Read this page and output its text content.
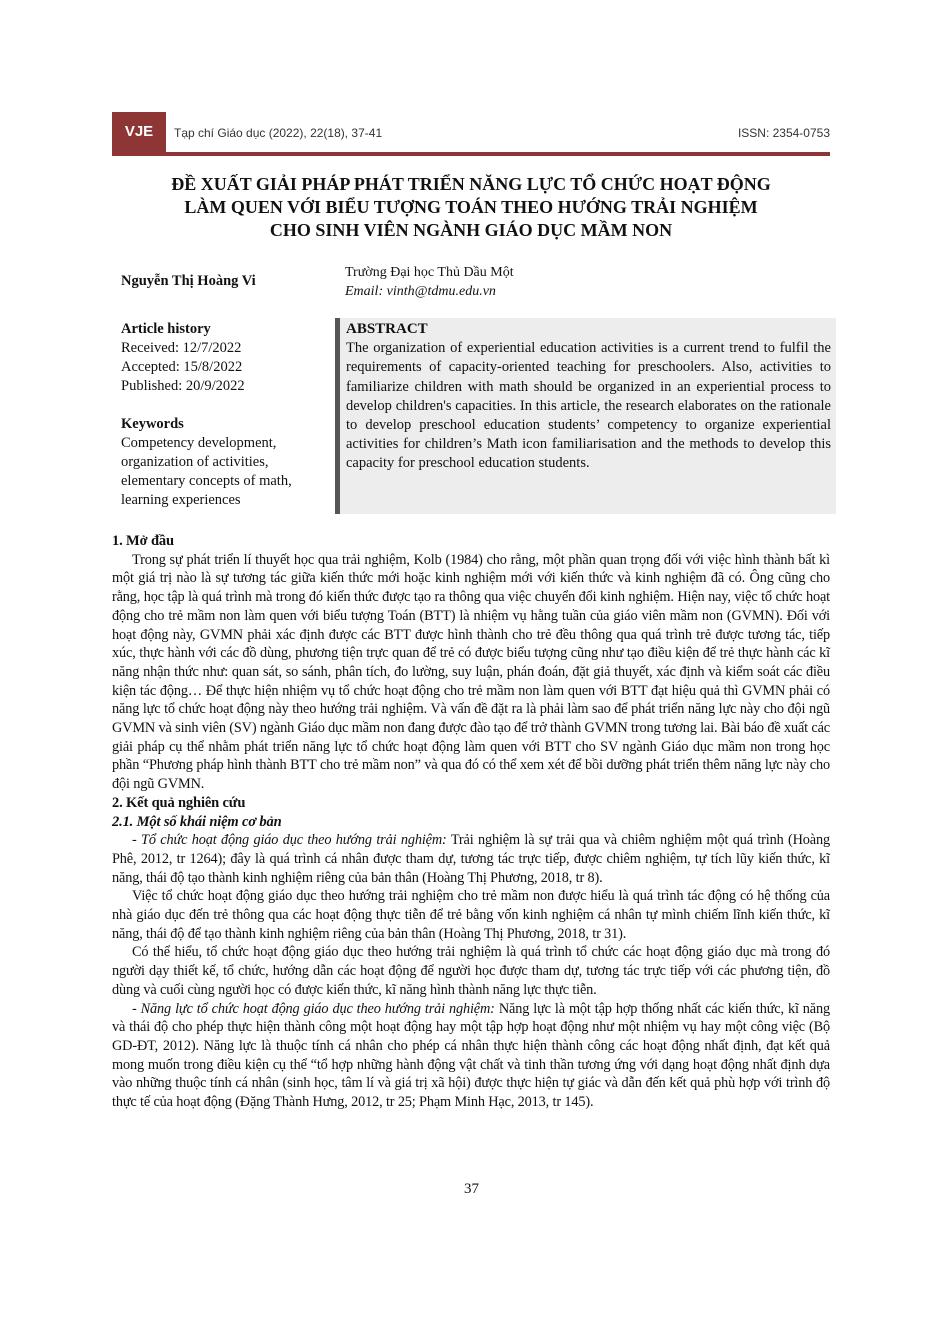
VJE	Tạp chí Giáo dục (2022), 22(18), 37-41	ISSN: 2354-0753
ĐỀ XUẤT GIẢI PHÁP PHÁT TRIỂN NĂNG LỰC TỔ CHỨC HOẠT ĐỘNG
LÀM QUEN VỚI BIỂU TƯỢNG TOÁN THEO HƯỚNG TRẢI NGHIỆM
CHO SINH VIÊN NGÀNH GIÁO DỤC MẦM NON
Nguyễn Thị Hoàng Vi
Trường Đại học Thủ Dầu Một
Email: vinth@tdmu.edu.vn
Article history
Received: 12/7/2022
Accepted: 15/8/2022
Published: 20/9/2022
Keywords
Competency development, organization of activities, elementary concepts of math, learning experiences
ABSTRACT
The organization of experiential education activities is a current trend to fulfil the requirements of capacity-oriented teaching for preschoolers. Also, activities to familiarize children with math should be organized in an experiential process to develop children's capacities. In this article, the research elaborates on the rationale to develop preschool education students’ competency to organize experiential activities for children’s Math icon familiarisation and the methods to develop this capacity for preschool education students.
1. Mở đầu

Trong sự phát triển lí thuyết học qua trải nghiệm, Kolb (1984) cho rằng, một phần quan trọng đối với việc hình thành bất kì một giá trị nào là sự tương tác giữa kiến thức mới hoặc kinh nghiệm mới với kiến thức và kinh nghiệm đã có. Ông cũng cho rằng, học tập là quá trình mà trong đó kiến thức được tạo ra thông qua việc chuyển đổi kinh nghiệm. Hiện nay, việc tổ chức hoạt động cho trẻ mầm non làm quen với biểu tượng Toán (BTT) là nhiệm vụ hằng tuần của giáo viên mầm non (GVMN). Đối với hoạt động này, GVMN phải xác định được các BTT được hình thành cho trẻ đều thông qua quá trình trẻ được tương tác, tiếp xúc, thực hành với các đồ dùng, phương tiện trực quan để trẻ có được biểu tượng cũng như tạo điều kiện để trẻ thực hành các kĩ năng nhận thức như: quan sát, so sánh, phân tích, đo lường, suy luận, phán đoán, đặt giả thuyết, xác định và kiểm soát các điều kiện tác động… Để thực hiện nhiệm vụ tổ chức hoạt động cho trẻ mầm non làm quen với BTT đạt hiệu quả thì GVMN phải có năng lực tổ chức hoạt động này theo hướng trải nghiệm. Và vấn đề đặt ra là phải làm sao để phát triển năng lực này cho đội ngũ GVMN và sinh viên (SV) ngành Giáo dục mầm non đang được đào tạo để trở thành GVMN trong tương lai. Bài báo đề xuất các giải pháp cụ thể nhằm phát triển năng lực tổ chức hoạt động làm quen với BTT cho SV ngành Giáo dục mầm non trong học phần “Phương pháp hình thành BTT cho trẻ mầm non” và qua đó có thể xem xét để bồi dưỡng phát triển thêm năng lực này cho đội ngũ GVMN.

2. Kết quả nghiên cứu
2.1. Một số khái niệm cơ bản

- Tổ chức hoạt động giáo dục theo hướng trải nghiệm: Trải nghiệm là sự trải qua và chiêm nghiệm một quá trình (Hoàng Phê, 2012, tr 1264); đây là quá trình cá nhân được tham dự, tương tác trực tiếp, được chiêm nghiệm, tự tích lũy kiến thức, kĩ năng, thái độ tạo thành kinh nghiệm riêng của bản thân (Hoàng Thị Phương, 2018, tr 8).

Việc tổ chức hoạt động giáo dục theo hướng trải nghiệm cho trẻ mầm non được hiểu là quá trình tác động có hệ thống của nhà giáo dục đến trẻ thông qua các hoạt động thực tiễn để trẻ bằng vốn kinh nghiệm cá nhân tự mình chiếm lĩnh kiến thức, kĩ năng, thái độ để tạo thành kinh nghiệm riêng của bản thân (Hoàng Thị Phương, 2018, tr 31).

Có thể hiểu, tổ chức hoạt động giáo dục theo hướng trải nghiệm là quá trình tổ chức các hoạt động giáo dục mà trong đó người dạy thiết kế, tổ chức, hướng dẫn các hoạt động để người học được tham dự, tương tác trực tiếp với các phương tiện, đồ dùng và cuối cùng người học có được kiến thức, kĩ năng hình thành năng lực thực tiễn.

- Năng lực tổ chức hoạt động giáo dục theo hướng trải nghiệm: Năng lực là một tập hợp thống nhất các kiến thức, kĩ năng và thái độ cho phép thực hiện thành công một hoạt động hay một tập hợp hoạt động như một nhiệm vụ hay một công việc (Bộ GD-ĐT, 2012). Năng lực là thuộc tính cá nhân cho phép cá nhân thực hiện thành công các hoạt động nhất định, đạt kết quả mong muốn trong điều kiện cụ thể “tổ hợp những hành động vật chất và tinh thần tương ứng với dạng hoạt động nhất định dựa vào những thuộc tính cá nhân (sinh học, tâm lí và giá trị xã hội) được thực hiện tự giác và dẫn đến kết quả phù hợp với trình độ thực tế của hoạt động (Đặng Thành Hưng, 2012, tr 25; Phạm Minh Hạc, 2013, tr 145).

37
